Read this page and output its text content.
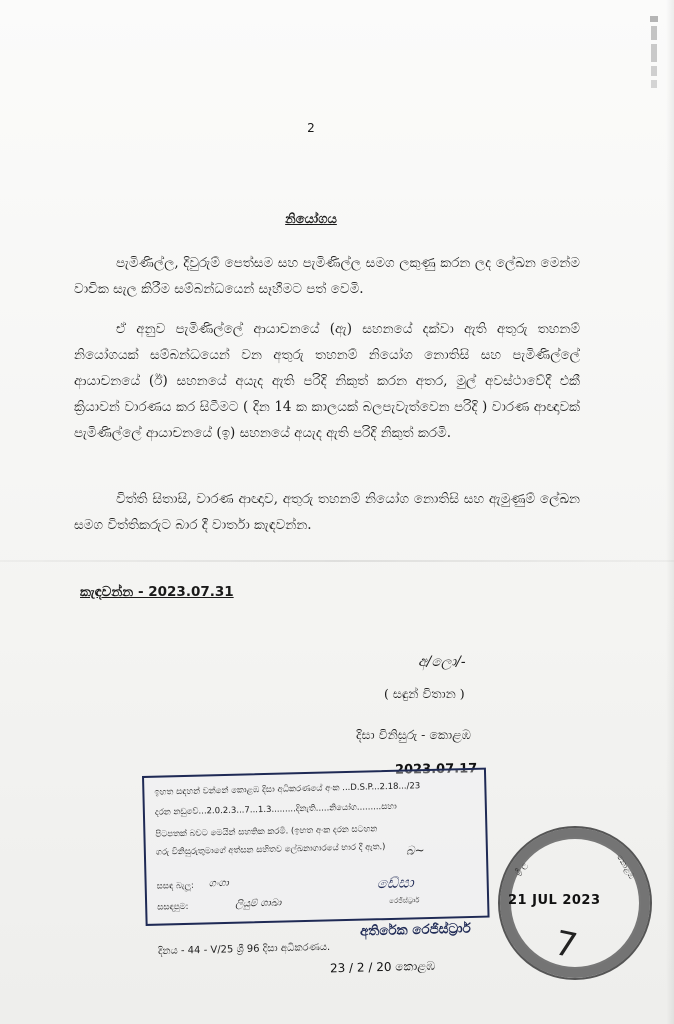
2
නියෝගය
පැමිණිල්ල, දිවුරුම් පෙත්සම සහ පැමිණිල්ල සමග ලකුණු කරන ලද ලේඛන මෙන්ම වාචික සැල කිරීම සම්බන්ධයෙන් සෑහීමට පත් වෙමි.
ඒ අනුව පැමිණිල්ලේ ආයාචනයේ (ඇ) සහනයේ දක්වා ඇති අතුරු තහනම් නියෝගයක් සම්බන්ධයෙන් වන අතුරු තහනම් නියෝග නොතිසි සහ පැමිණිල්ලේ ආයාචනයේ (ඊ) සහනයේ අයැද ඇති පරිදි නිකුත් කරන අතර, මුල් අවස්ථාවේදී එකී ක්‍රියාවන් වාරණය කර සිටීමට ( දින 14 ක කාලයක් බලපැවැත්වෙන පරිදි ) වාරණ ආඥාවක් පැමිණිල්ලේ ආයාචනයේ (ඉ) සහනයේ අයැද ඇති පරිදි නිකුත් කරමි.
විත්ති සිතාසි, වාරණ ආඥාව, අතුරු තහනම් නියෝග නොතිසි සහ ඇමුණුම් ලේඛන සමග විත්තිකරුට බාර දී වාර්තා කැඳවන්න.
කැඳවන්න - 2023.07.31
අ/ලො/-
( සඳුන් විතාන )
දිසා විනිසුරු - කොළඹ
2023.07.17
ඉහත සඳහන් වන්නේ කොළඹ දිසා අධිකරණයේ අංක ...D.S.P...2.18.../23
දරන නඩුවේ...2.0.2.3...7...1.3.........දිනැති.....නියෝග.........සහා
පිටපතක් බවට මෙයින් සහතික කරමි. (ඉහත අංක දරන සටහන
ගරු විනිසුරුතුමාගේ අත්සන සහිතව ලේඛනාගාරයේ භාර දී ඇත.) බ~
සසඳ බැලූ: ගංගා
සසඳපුම:	ලියුම් ශාඛා
ඩේසා
රෙජිස්ට්‍රාර්
අතිරේක රෙජිස්ට්‍රාර්
දිනය - 44 - V/25 ශ්‍රී 96 දිසා අධිකරණය.
23 / 2 / 20 කොළඹ
ශ්‍රී ල	කොළඹ
21 JUL 2023
7
